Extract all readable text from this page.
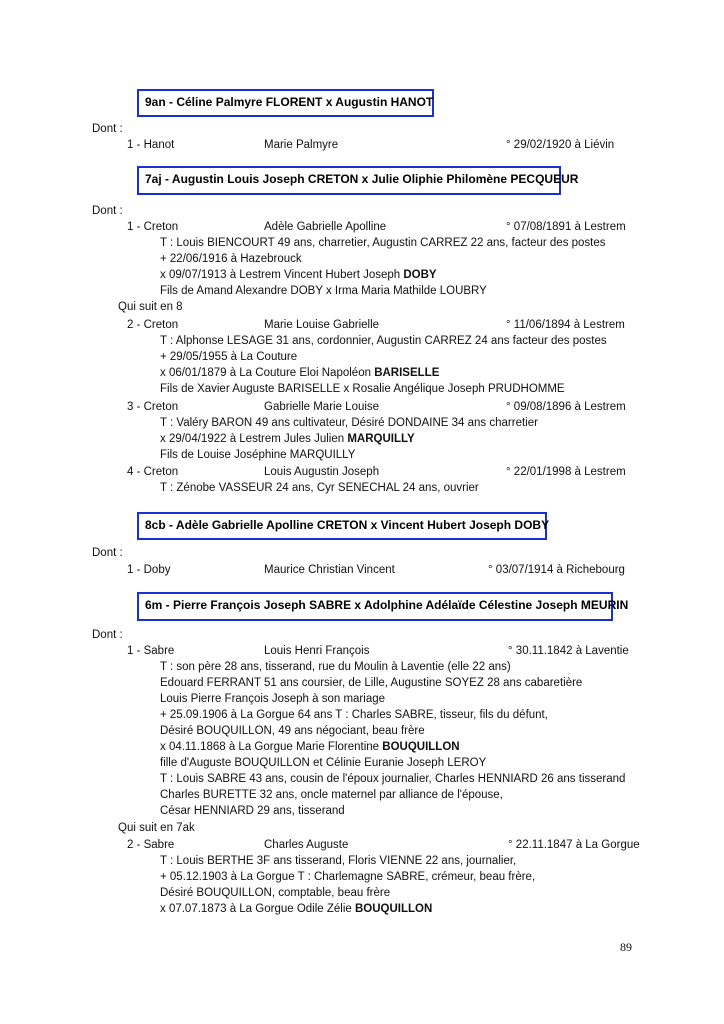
9an - Céline Palmyre FLORENT x Augustin HANOT
Dont :
1 - Hanot	Marie Palmyre	° 29/02/1920 à Liévin
7aj - Augustin Louis Joseph CRETON x Julie Oliphie Philomène PECQUEUR
Dont :
1 - Creton	Adèle Gabrielle Apolline	° 07/08/1891 à Lestrem
T : Louis BIENCOURT 49 ans, charretier, Augustin CARREZ 22 ans, facteur des postes
+ 22/06/1916 à Hazebrouck
x 09/07/1913 à Lestrem Vincent Hubert Joseph DOBY
Fils de Amand Alexandre DOBY x Irma Maria Mathilde LOUBRY
Qui suit en 8
2 - Creton	Marie Louise Gabrielle	° 11/06/1894 à Lestrem
T : Alphonse LESAGE 31 ans, cordonnier, Augustin CARREZ 24 ans facteur des postes
+ 29/05/1955 à La Couture
x 06/01/1879 à La Couture Eloi Napoléon BARISELLE
Fils de Xavier Auguste BARISELLE x Rosalie Angélique Joseph PRUDHOMME
3 - Creton	Gabrielle Marie Louise	° 09/08/1896 à Lestrem
T : Valéry BARON 49 ans cultivateur, Désiré DONDAINE 34 ans charretier
x 29/04/1922 à Lestrem Jules Julien MARQUILLY
Fils de Louise Joséphine MARQUILLY
4 - Creton	Louis Augustin Joseph	° 22/01/1998 à Lestrem
T : Zénobe VASSEUR 24 ans, Cyr SENECHAL 24 ans, ouvrier
8cb - Adèle Gabrielle Apolline CRETON x Vincent Hubert Joseph DOBY
Dont :
1 - Doby	Maurice Christian Vincent	° 03/07/1914 à Richebourg
6m - Pierre François Joseph SABRE x Adolphine Adélaïde Célestine Joseph MEURIN
Dont :
1 - Sabre	Louis Henri François	° 30.11.1842 à Laventie
T : son père 28 ans, tisserand, rue du Moulin à Laventie (elle 22 ans)
Edouard FERRANT 51 ans coursier, de Lille, Augustine SOYEZ 28 ans cabaretière
Louis Pierre François Joseph à son mariage
+ 25.09.1906 à La Gorgue 64 ans T : Charles SABRE, tisseur, fils du défunt,
Désiré BOUQUILLON, 49 ans négociant, beau frère
x 04.11.1868 à La Gorgue Marie Florentine BOUQUILLON
fille d'Auguste BOUQUILLON et Célinie Euranie Joseph LEROY
T : Louis SABRE 43 ans, cousin de l'époux journalier, Charles HENNIARD 26 ans tisserand
Charles BURETTE 32 ans, oncle maternel par alliance de l'épouse,
César HENNIARD 29 ans, tisserand
Qui suit en 7ak
2 - Sabre	Charles Auguste	° 22.11.1847 à La Gorgue
T : Louis BERTHE 3F ans tisserand, Floris VIENNE 22 ans, journalier,
+ 05.12.1903 à La Gorgue T : Charlemagne SABRE, crémeur, beau frère,
Désiré BOUQUILLON, comptable, beau frère
x 07.07.1873 à La Gorgue Odile Zélie BOUQUILLON
89
